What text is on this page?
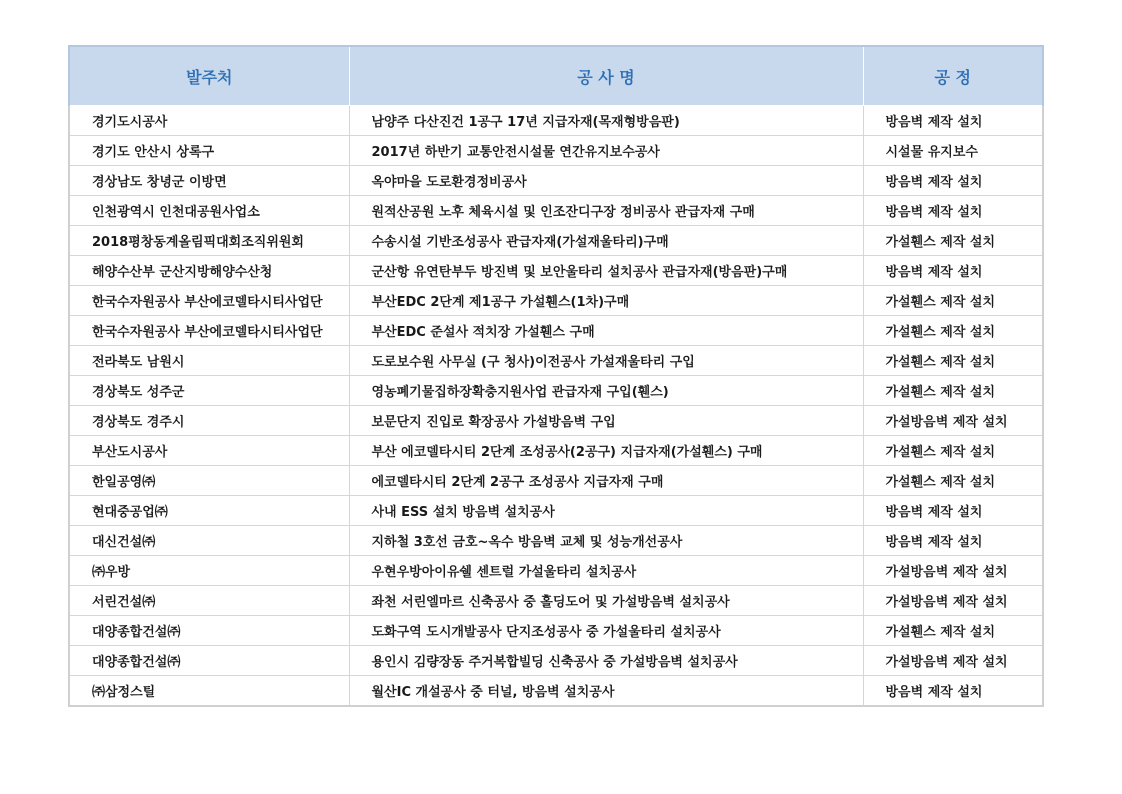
발주처	공 사 명	공 정
경기도시공사	남양주 다산진건 1공구 17년 지급자재(목재형방음판)	방음벽 제작 설치
경기도 안산시 상록구	2017년 하반기 교통안전시설물 연간유지보수공사	시설물 유지보수
경상남도 창녕군 이방면	옥야마을 도로환경정비공사	방음벽 제작 설치
인천광역시 인천대공원사업소	원적산공원 노후 체육시설 및 인조잔디구장 정비공사 관급자재 구매	방음벽 제작 설치
2018평창동계올림픽대회조직위원회	수송시설 기반조성공사 관급자재(가설재울타리)구매	가설휀스 제작 설치
해양수산부 군산지방해양수산청	군산항 유연탄부두 방진벽 및 보안울타리 설치공사 관급자재(방음판)구매	방음벽 제작 설치
한국수자원공사 부산에코델타시티사업단	부산EDC 2단계 제1공구 가설휀스(1차)구매	가설휀스 제작 설치
한국수자원공사 부산에코델타시티사업단	부산EDC 준설사 적치장 가설휀스 구매	가설휀스 제작 설치
전라북도 남원시	도로보수원 사무실 (구 청사)이전공사 가설재울타리 구입	가설휀스 제작 설치
경상북도 성주군	영농폐기물집하장확충지원사업 관급자재 구입(휀스)	가설휀스 제작 설치
경상북도 경주시	보문단지 진입로 확장공사 가설방음벽 구입	가설방음벽 제작 설치
부산도시공사	부산 에코델타시티 2단계 조성공사(2공구) 지급자재(가설휀스) 구매	가설휀스 제작 설치
한일공영㈜	에코델타시티 2단계 2공구 조성공사 지급자재 구매	가설휀스 제작 설치
현대중공업㈜	사내 ESS 설치 방음벽 설치공사	방음벽 제작 설치
대신건설㈜	지하철 3호선 금호~옥수 방음벽 교체 및 성능개선공사	방음벽 제작 설치
㈜우방	우현우방아이유쉘 센트럴 가설울타리 설치공사	가설방음벽 제작 설치
서린건설㈜	좌천 서린엘마르 신축공사 중 홀딩도어 및 가설방음벽 설치공사	가설방음벽 제작 설치
대양종합건설㈜	도화구역 도시개발공사 단지조성공사 중 가설울타리 설치공사	가설휀스 제작 설치
대양종합건설㈜	용인시 김량장동 주거복합빌딩 신축공사 중 가설방음벽 설치공사	가설방음벽 제작 설치
㈜삼정스틸	월산IC 개설공사 중 터널, 방음벽 설치공사	방음벽 제작 설치
